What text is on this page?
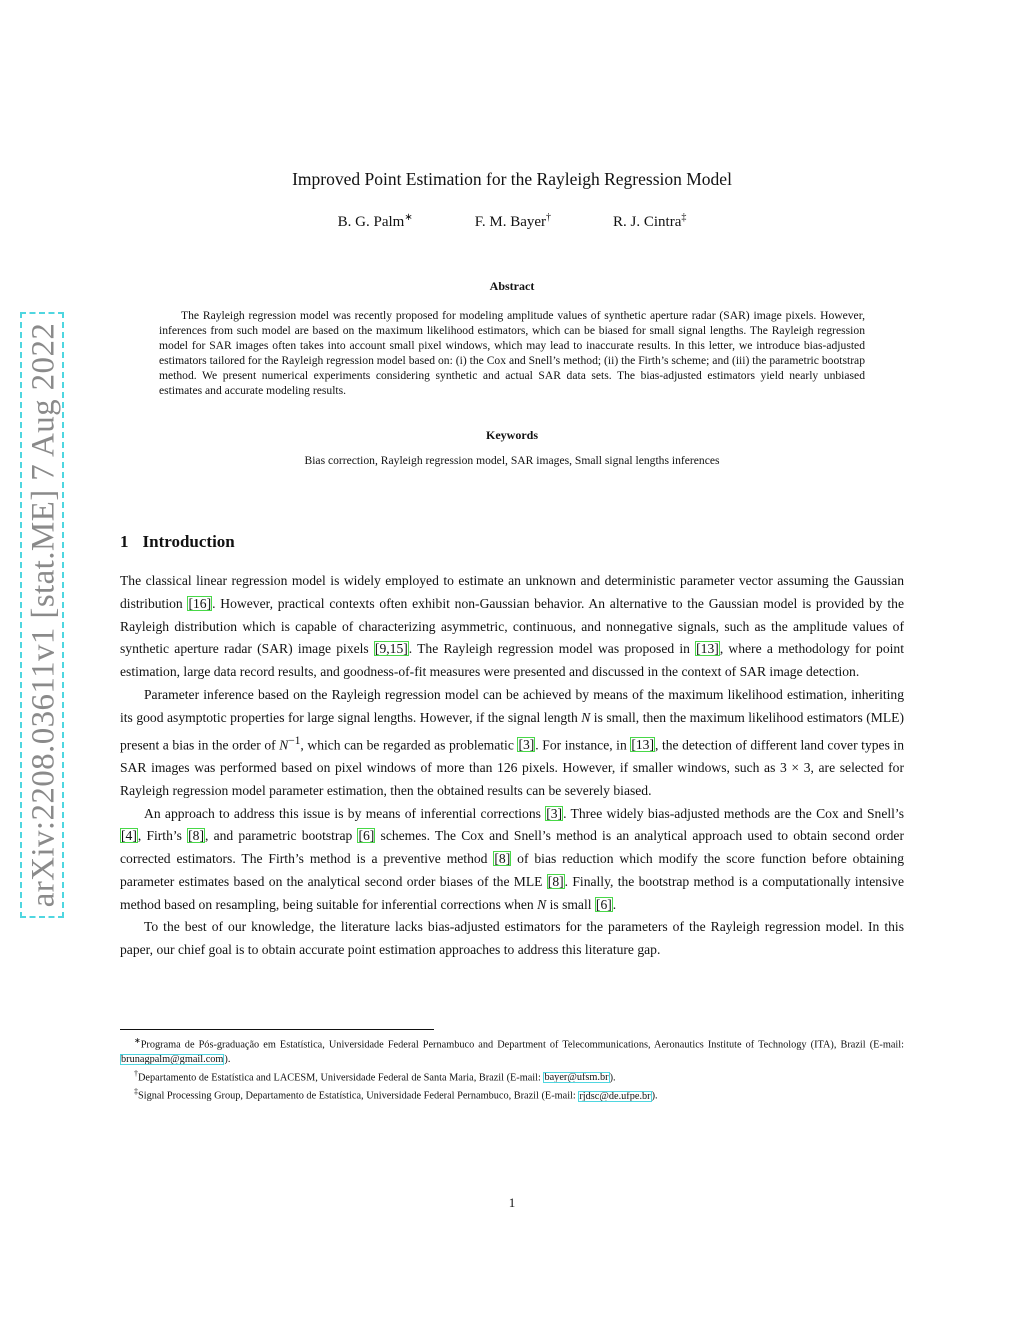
arXiv:2208.03611v1 [stat.ME] 7 Aug 2022
Improved Point Estimation for the Rayleigh Regression Model
B. G. Palm∗	F. M. Bayer†	R. J. Cintra‡
Abstract
The Rayleigh regression model was recently proposed for modeling amplitude values of synthetic aperture radar (SAR) image pixels. However, inferences from such model are based on the maximum likelihood estimators, which can be biased for small signal lengths. The Rayleigh regression model for SAR images often takes into account small pixel windows, which may lead to inaccurate results. In this letter, we introduce bias-adjusted estimators tailored for the Rayleigh regression model based on: (i) the Cox and Snell’s method; (ii) the Firth’s scheme; and (iii) the parametric bootstrap method. We present numerical experiments considering synthetic and actual SAR data sets. The bias-adjusted estimators yield nearly unbiased estimates and accurate modeling results.
Keywords
Bias correction, Rayleigh regression model, SAR images, Small signal lengths inferences
1 Introduction

The classical linear regression model is widely employed to estimate an unknown and deterministic parameter vector assuming the Gaussian distribution [16]. However, practical contexts often exhibit non-Gaussian behavior. An alternative to the Gaussian model is provided by the Rayleigh distribution which is capable of characterizing asymmetric, continuous, and nonnegative signals, such as the amplitude values of synthetic aperture radar (SAR) image pixels [9,15]. The Rayleigh regression model was proposed in [13], where a methodology for point estimation, large data record results, and goodness-of-fit measures were presented and discussed in the context of SAR image detection.

Parameter inference based on the Rayleigh regression model can be achieved by means of the maximum likelihood estimation, inheriting its good asymptotic properties for large signal lengths. However, if the signal length N is small, then the maximum likelihood estimators (MLE) present a bias in the order of $N^{-1}$, which can be regarded as problematic [3]. For instance, in [13], the detection of different land cover types in SAR images was performed based on pixel windows of more than 126 pixels. However, if smaller windows, such as 3 × 3, are selected for Rayleigh regression model parameter estimation, then the obtained results can be severely biased.

An approach to address this issue is by means of inferential corrections [3]. Three widely bias-adjusted methods are the Cox and Snell’s [4], Firth’s [8], and parametric bootstrap [6] schemes. The Cox and Snell’s method is an analytical approach used to obtain second order corrected estimators. The Firth’s method is a preventive method [8] of bias reduction which modify the score function before obtaining parameter estimates based on the analytical second order biases of the MLE [8]. Finally, the bootstrap method is a computationally intensive method based on resampling, being suitable for inferential corrections when N is small [6].

To the best of our knowledge, the literature lacks bias-adjusted estimators for the parameters of the Rayleigh regression model. In this paper, our chief goal is to obtain accurate point estimation approaches to address this literature gap.

∗Programa de Pós-graduação em Estatística, Universidade Federal Pernambuco and Department of Telecommunications, Aeronautics Institute of Technology (ITA), Brazil (E-mail: brunagpalm@gmail.com).

†Departamento de Estatística and LACESM, Universidade Federal de Santa Maria, Brazil (E-mail: bayer@ufsm.br).

‡Signal Processing Group, Departamento de Estatística, Universidade Federal Pernambuco, Brazil (E-mail: rjdsc@de.ufpe.br).

1
